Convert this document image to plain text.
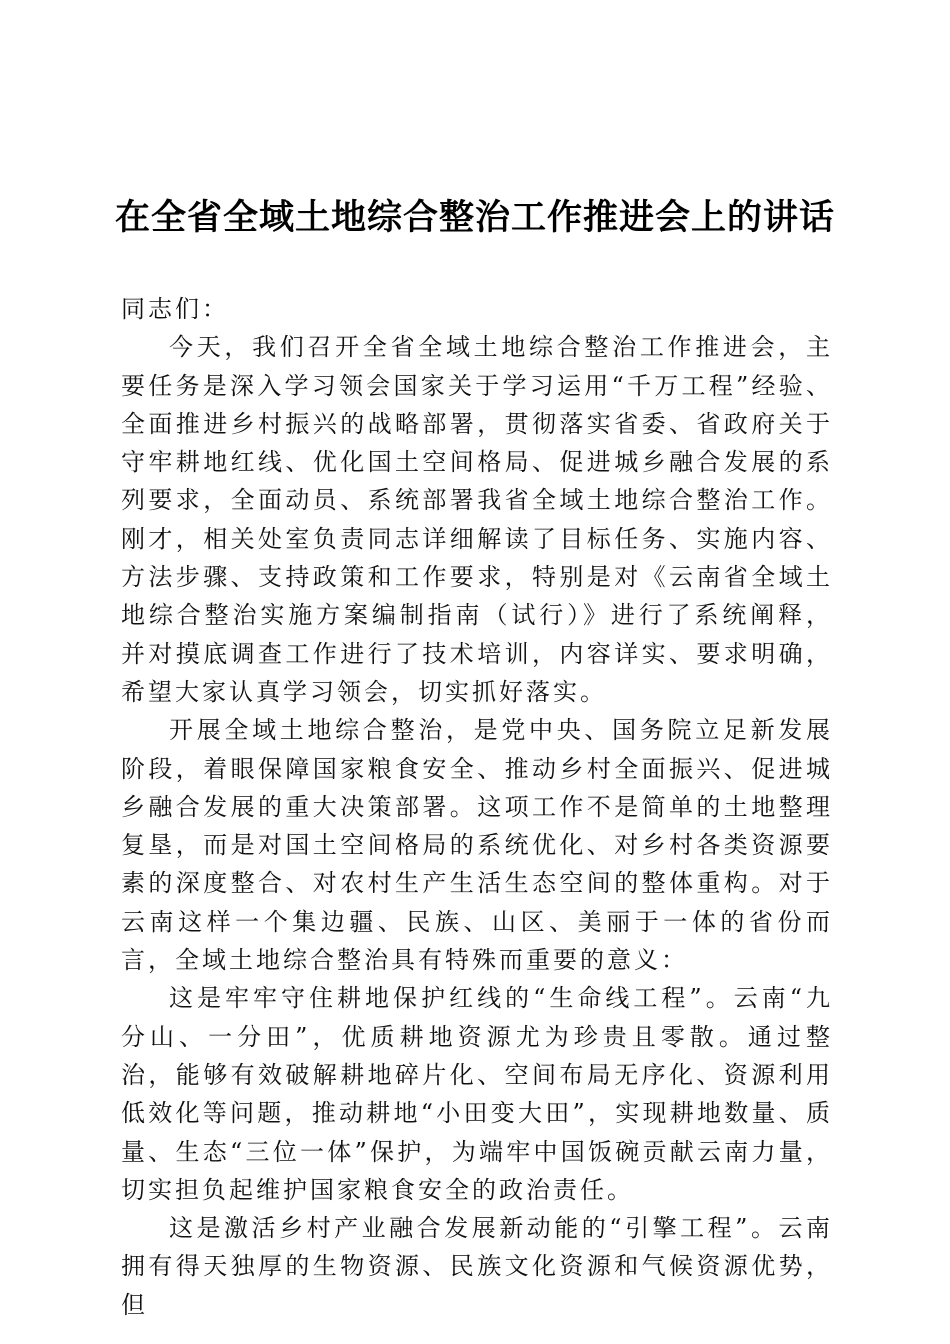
在全省全域土地综合整治工作推进会上的讲话

同志们：

今天，我们召开全省全域土地综合整治工作推进会，主要任务是深入学习领会国家关于学习运用“千万工程”经验、全面推进乡村振兴的战略部署，贯彻落实省委、省政府关于守牢耕地红线、优化国土空间格局、促进城乡融合发展的系列要求，全面动员、系统部署我省全域土地综合整治工作。刚才，相关处室负责同志详细解读了目标任务、实施内容、方法步骤、支持政策和工作要求，特别是对《云南省全域土地综合整治实施方案编制指南（试行）》进行了系统阐释，并对摸底调查工作进行了技术培训，内容详实、要求明确，希望大家认真学习领会，切实抓好落实。

开展全域土地综合整治，是党中央、国务院立足新发展阶段，着眼保障国家粮食安全、推动乡村全面振兴、促进城乡融合发展的重大决策部署。这项工作不是简单的土地整理复垦，而是对国土空间格局的系统优化、对乡村各类资源要素的深度整合、对农村生产生活生态空间的整体重构。对于云南这样一个集边疆、民族、山区、美丽于一体的省份而言，全域土地综合整治具有特殊而重要的意义：

这是牢牢守住耕地保护红线的“生命线工程”。云南“九分山、一分田”，优质耕地资源尤为珍贵且零散。通过整治，能够有效破解耕地碎片化、空间布局无序化、资源利用低效化等问题，推动耕地“小田变大田”，实现耕地数量、质量、生态“三位一体”保护，为端牢中国饭碗贡献云南力量，切实担负起维护国家粮食安全的政治责任。

这是激活乡村产业融合发展新动能的“引擎工程”。云南拥有得天独厚的生物资源、民族文化资源和气候资源优势，但
